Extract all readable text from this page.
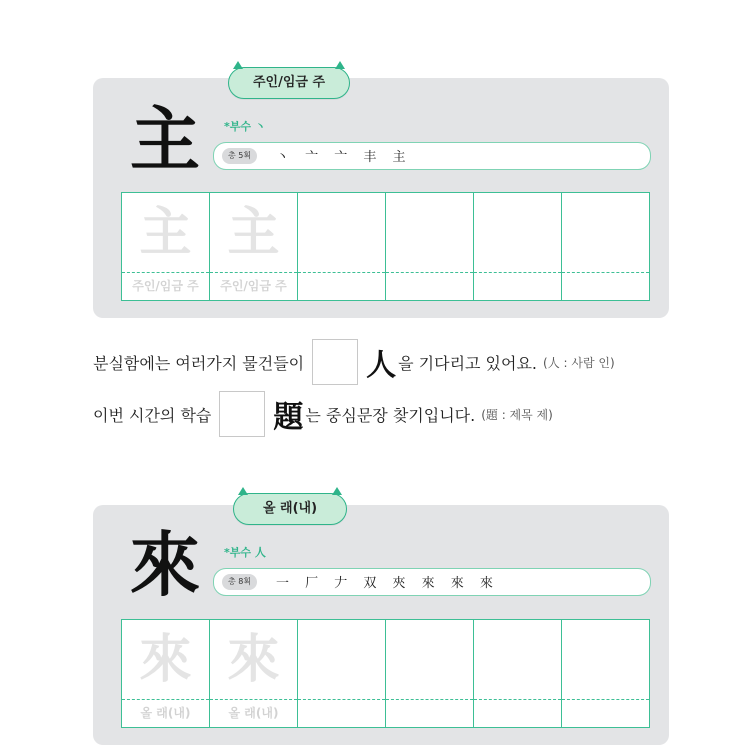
주인/임금 주
主 *부수 丶
총 5획	丶 亠 亠 丰 主
主
주인/임금 주
主
주인/임금 주
분실함에는 여러가지 물건들이 人 을 기다리고 있어요. (人 : 사람 인)
이번 시간의 학습 題 는 중심문장 찾기입니다. (題 : 제목 제)
올 래(내)
來 *부수 人
총 8획	一 厂 𠂇 双 夾 來 來 來
來
올 래(내)
來
올 래(내)
